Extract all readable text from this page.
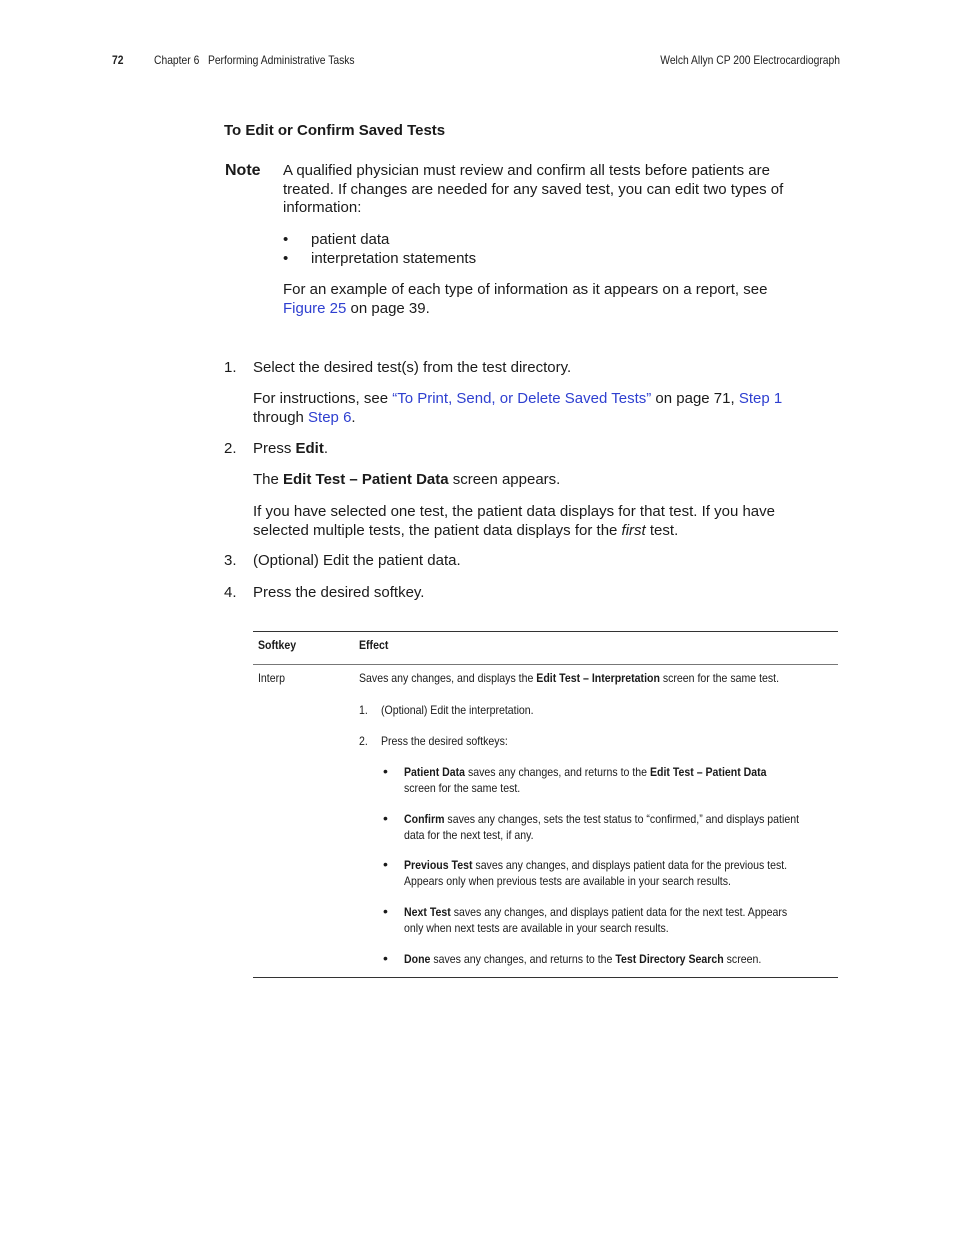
72	Chapter 6 Performing Administrative Tasks	Welch Allyn CP 200 Electrocardiograph
To Edit or Confirm Saved Tests
Note A qualified physician must review and confirm all tests before patients are
treated. If changes are needed for any saved test, you can edit two types of
information:
• patient data
• interpretation statements
For an example of each type of information as it appears on a report, see
Figure 25 on page 39.
1. Select the desired test(s) from the test directory.
For instructions, see “To Print, Send, or Delete Saved Tests” on page 71, Step 1
through Step 6.
2. Press Edit.
The Edit Test – Patient Data screen appears.
If you have selected one test, the patient data displays for that test. If you have
selected multiple tests, the patient data displays for the first test.
3. (Optional) Edit the patient data.
4. Press the desired softkey.
Softkey	Effect
Interp	Saves any changes, and displays the Edit Test – Interpretation screen for the same test.
1. (Optional) Edit the interpretation.
2. Press the desired softkeys:
• Patient Data saves any changes, and returns to the Edit Test – Patient Data
screen for the same test.
• Confirm saves any changes, sets the test status to “confirmed,” and displays patient
data for the next test, if any.
• Previous Test saves any changes, and displays patient data for the previous test.
Appears only when previous tests are available in your search results.
• Next Test saves any changes, and displays patient data for the next test. Appears
only when next tests are available in your search results.
• Done saves any changes, and returns to the Test Directory Search screen.
